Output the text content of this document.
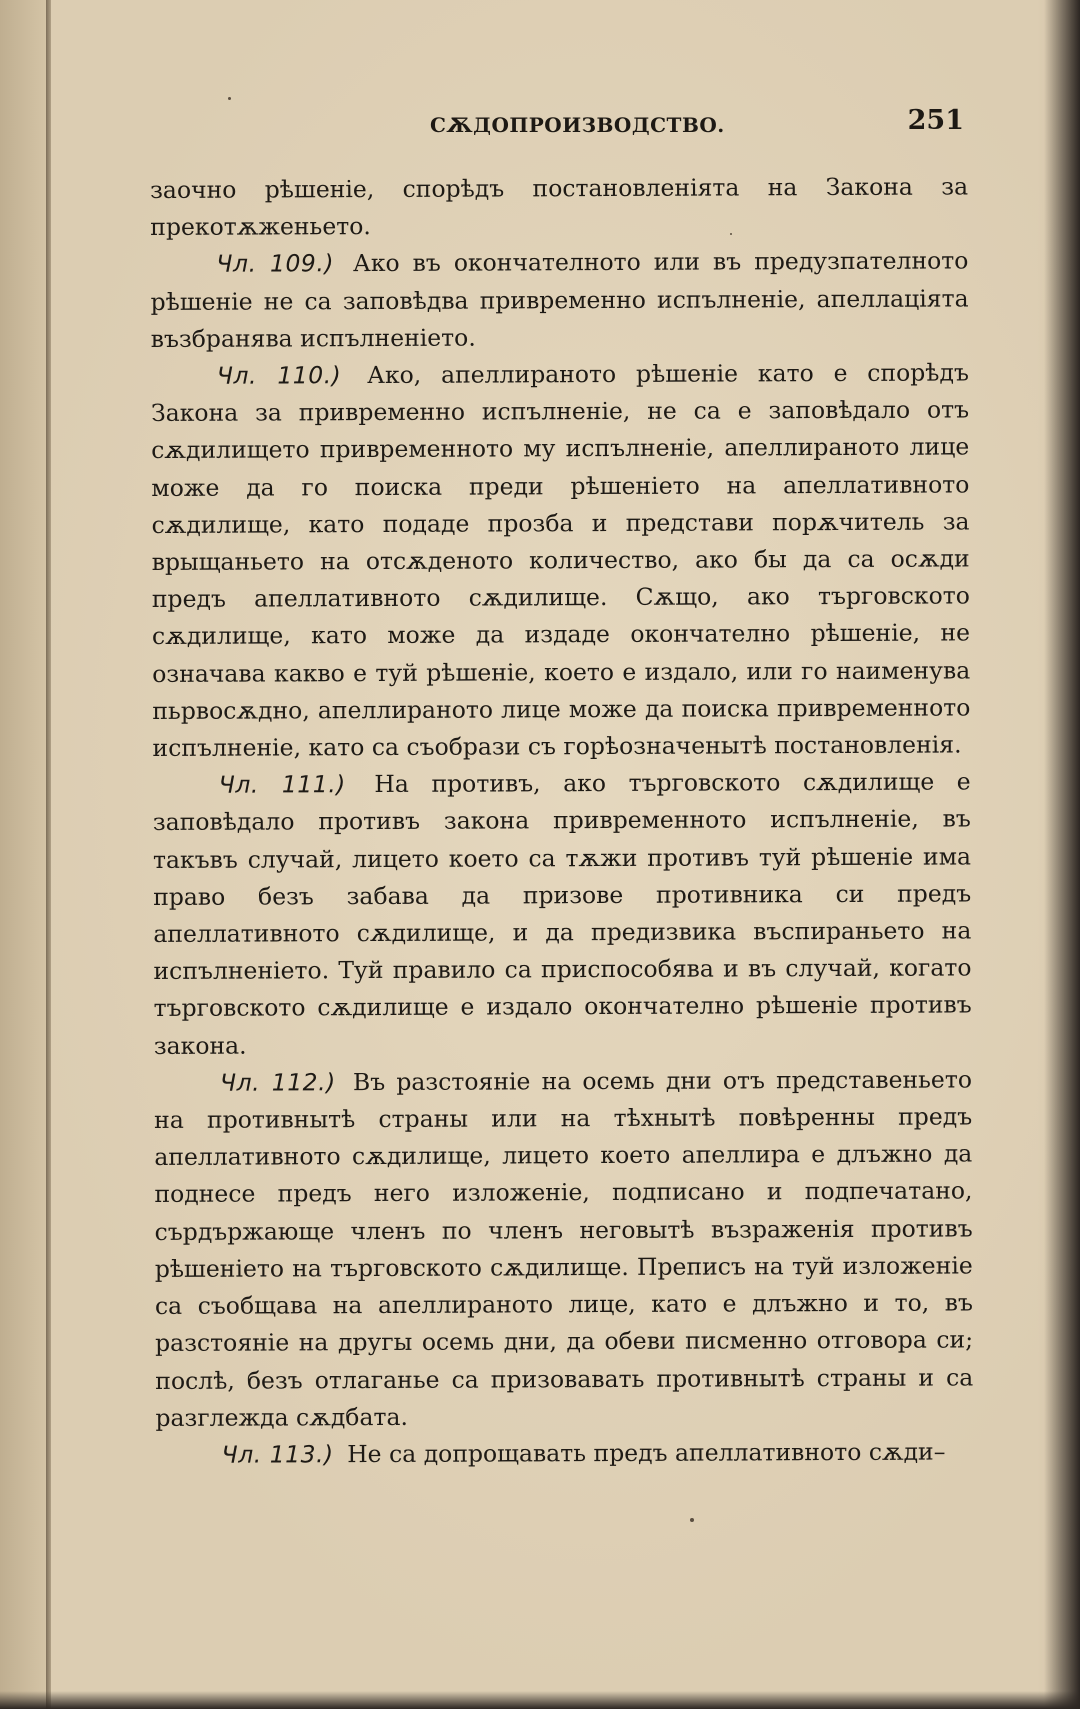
СѪДОПРОИЗВОДСТВО.	251

заочно рѣшеніе, спорѣдъ постановленіята на Закона за прекотѫженьето.

Чл. 109.) Ако въ окончателното или въ предузпателното рѣшеніе не са заповѣдва привременно испълненіе, апеллацiята възбранява испълненіето.

Чл. 110.) Ако, апеллираното рѣшеніе като е спорѣдъ Закона за привременно испълненіе, не са е заповѣдало отъ сѫдилището привременното му испълненіе, апеллираното лице може да го поиска преди рѣшеніето на апеллативното сѫдилище, като подаде прозба и представи порѫчитель за врыщаньето на отсѫденото количество, ако бы да са осѫди предъ апеллативното сѫдилище. Сѫщо, ако търговското сѫдилище, като може да издаде окончателно рѣшеніе, не означава какво е туй рѣшеніе, което е издало, или го наименува пьрвосѫдно, апеллираното лице може да поиска привременното испълненіе, като са съобрази съ горѣозначенытѣ постановленія.

Чл. 111.) На противъ, ако търговското сѫдилище е заповѣдало противъ закона привременното испълненіе, въ такъвъ случай, лицето което са тѫжи противъ туй рѣшеніе има право безъ забава да призове противника си предъ апеллативното сѫдилище, и да предизвика въспираньето на испълненіето. Туй правило са приспособява и въ случай, когато търговското сѫдилище е издало окончателно рѣшеніе противъ закона.

Чл. 112.) Въ разстояніе на осемь дни отъ представеньето на противнытѣ страны или на тѣхнытѣ повѣренны предъ апеллативното сѫдилище, лицето което апеллира е длъжно да поднесе предъ него изложеніе, подписано и подпечатано, сърдържающе членъ по членъ неговытѣ възраженія противъ рѣшеніето на търговското сѫдилище. Преписъ на туй изложеніе са съобщава на апеллираното лице, като е длъжно и то, въ разстояніе на другы осемь дни, да обеви писменно отговора си; послѣ, безъ отлаганье са призовавать противнытѣ страны и са разглежда сѫдбата.

Чл. 113.) Не са допрощавать предъ апеллативното сѫди–
